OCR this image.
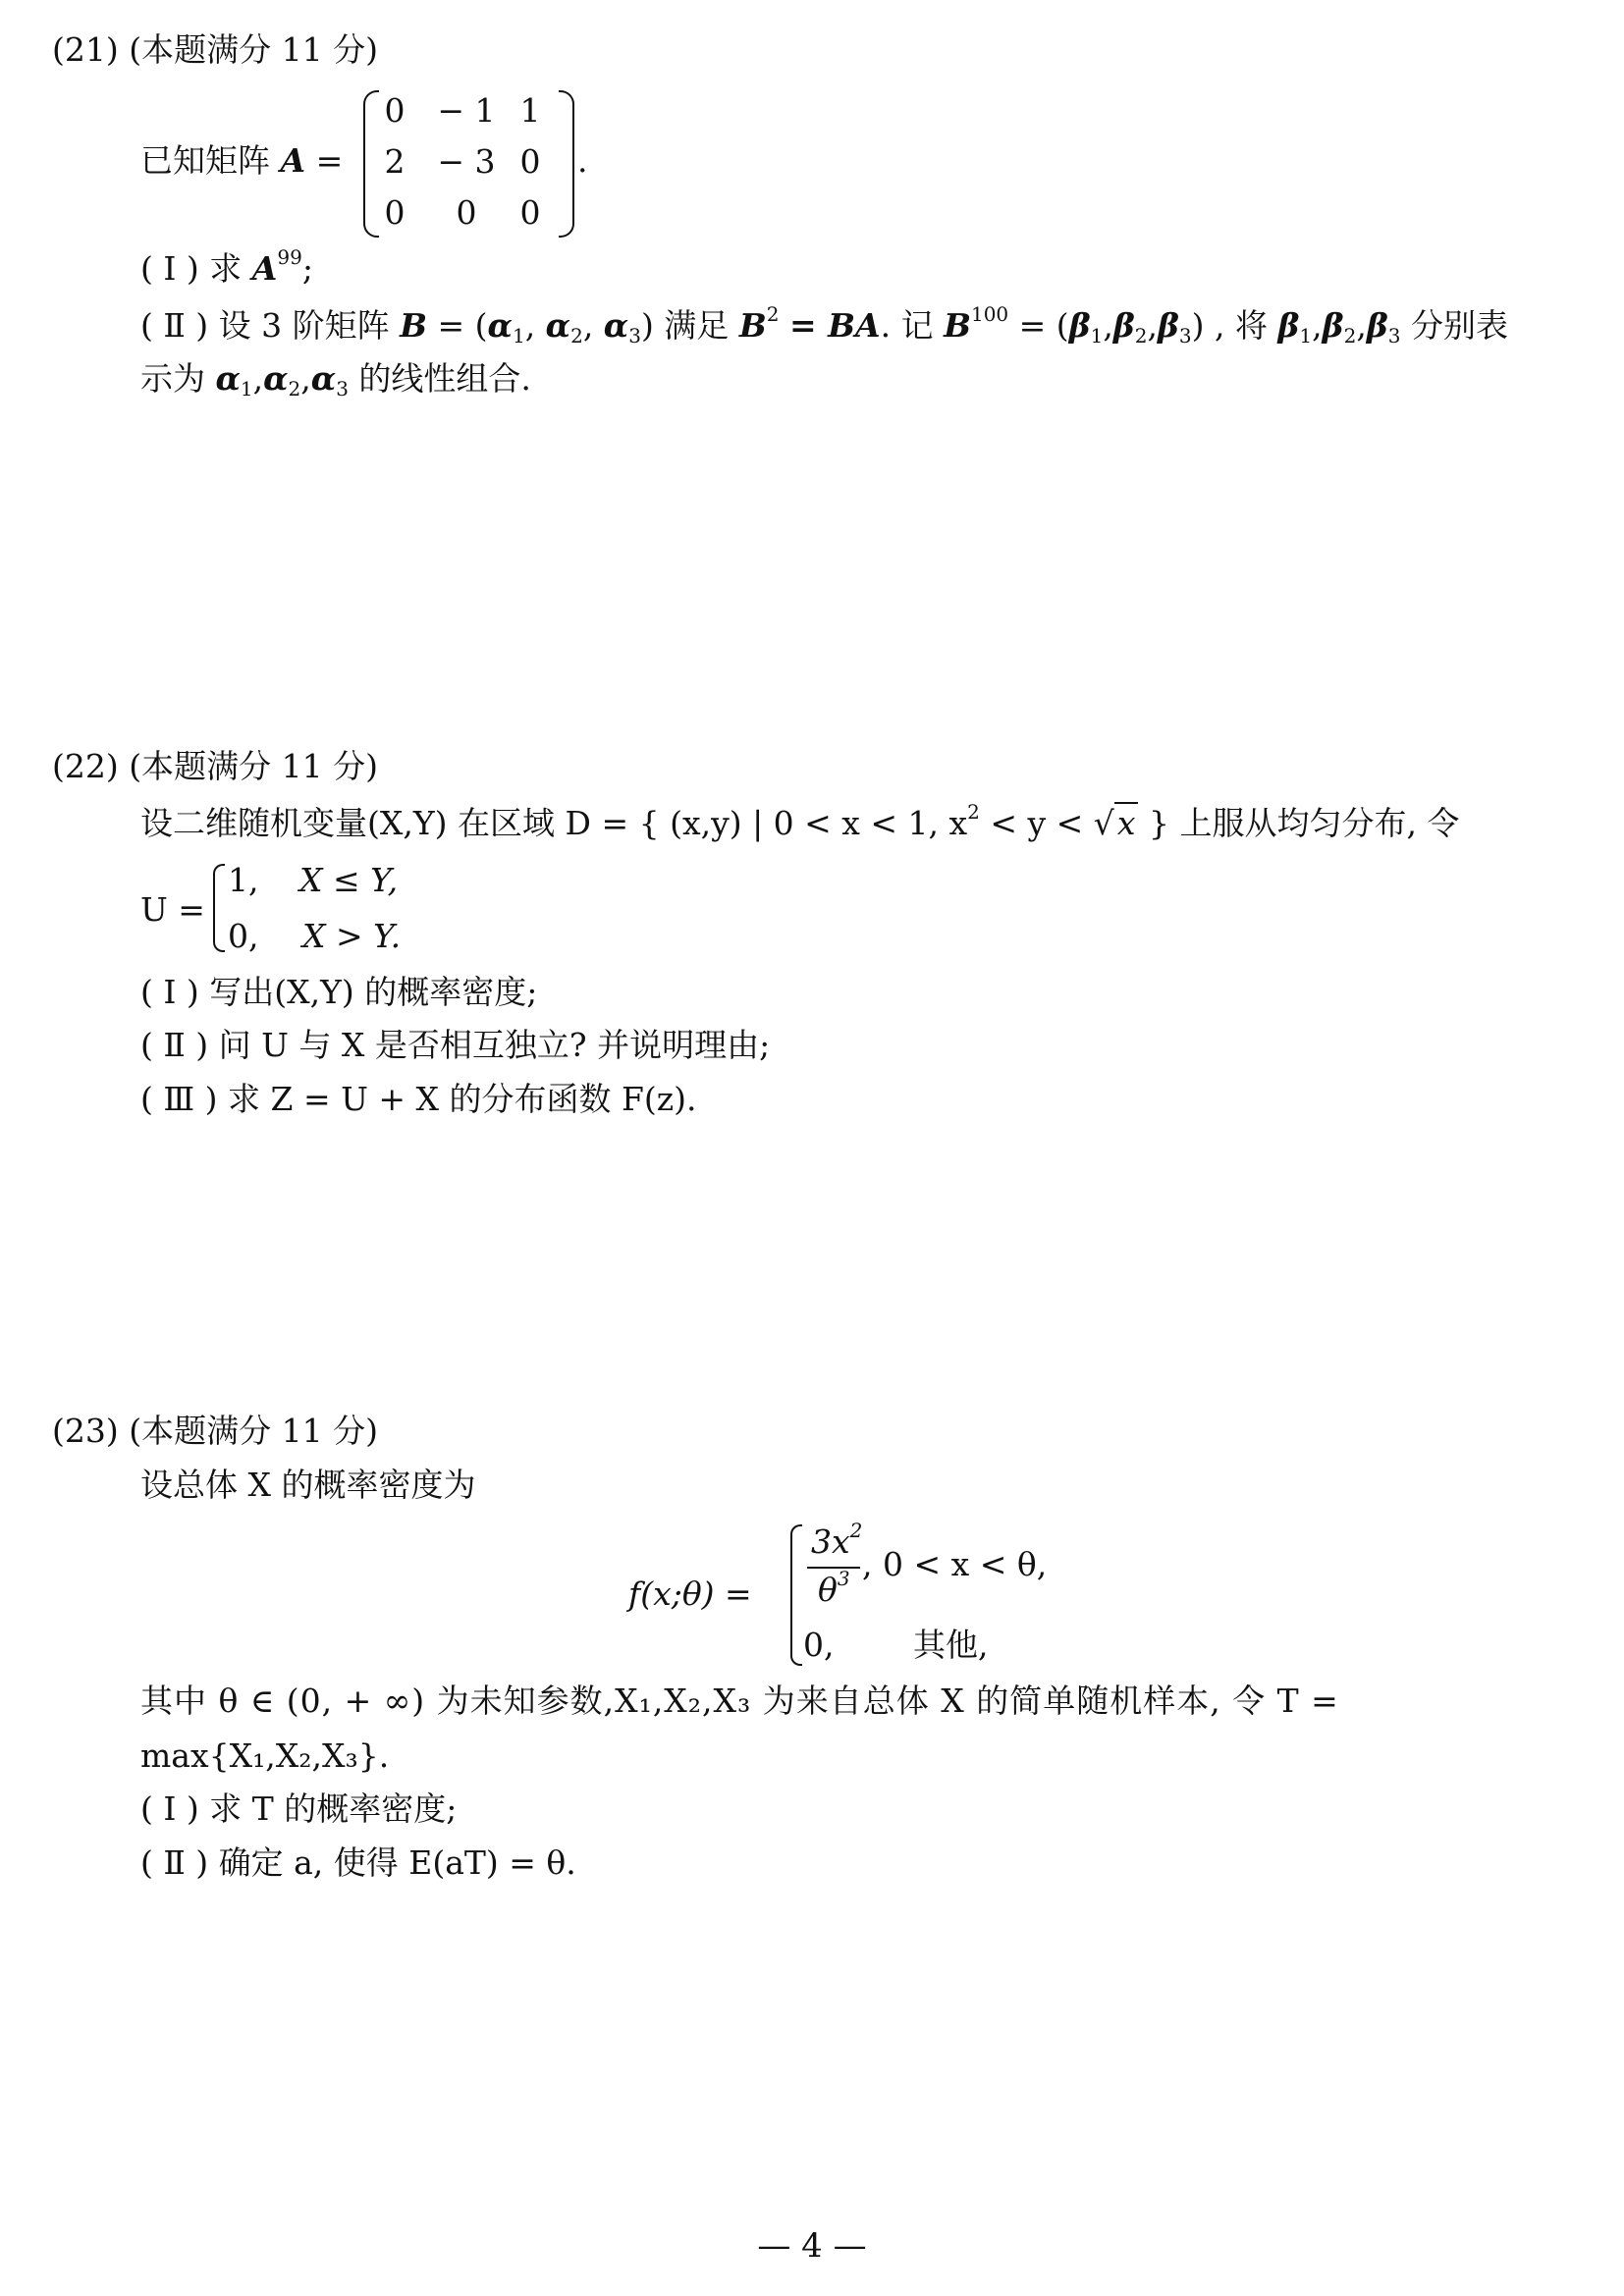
(21) (本题满分 11 分)
已知矩阵 A =
0 − 1 1
2 − 3 0
0	0	0
.
( Ⅰ ) 求 $A^{99}$;
( Ⅱ ) 设 3 阶矩阵 $B = (\alpha_1$, $\alpha_2$, $\alpha_3$) 满足 $B^2$ = BA. 记 $B^{100} = (\beta_1,\beta_2,\beta_3)$ , 将 $\beta_1,\beta_2,\beta_3$ 分别表
示为 $\alpha_1,\alpha_2,\alpha_3$ 的线性组合.
(22) (本题满分 11 分)
设二维随机变量(X,Y) 在区域 D = { (x,y) | 0 < x < 1, $x^2 < y < √x$ } 上服从均匀分布, 令
U =
1, X ≤ Y,
0, X > Y.
( Ⅰ ) 写出(X,Y) 的概率密度;
( Ⅱ ) 问 U 与 X 是否相互独立? 并说明理由;
( Ⅲ ) 求 Z = U + X 的分布函数 F(z).
(23) (本题满分 11 分)
设总体 X 的概率密度为
f(x;θ) =
$3x^2$
$\theta^3$ , 0 < x < θ,
0, 其他,
其中 θ ∈ (0, + ∞) 为未知参数,X₁,X₂,X₃ 为来自总体 X 的简单随机样本, 令 T =
max{X₁,X₂,X₃}.
( Ⅰ ) 求 T 的概率密度;
( Ⅱ ) 确定 a, 使得 E(aT) = θ.
— 4 —
